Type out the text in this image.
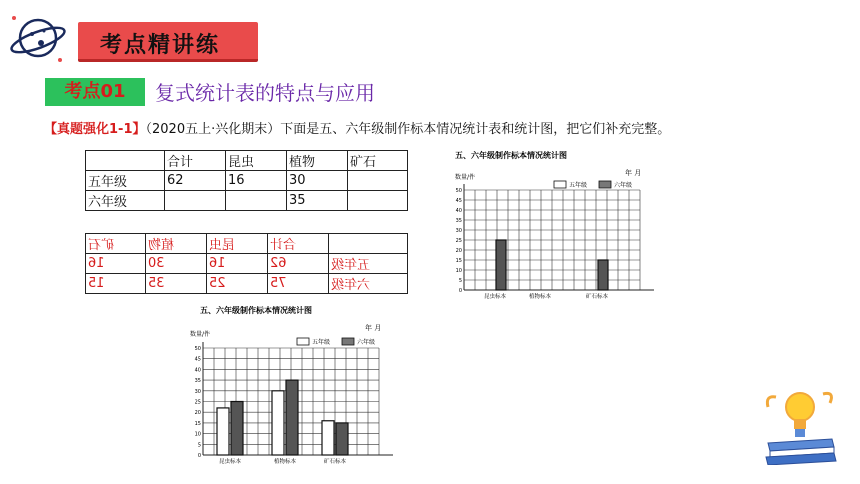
考点精讲练
考点01	复式统计表的特点与应用
【真题强化1-1】（2020五上·兴化期末）下面是五、六年级制作标本情况统计表和统计图，把它们补充完整。
	合计	昆虫	植物	矿石
五年级	62	16	30	
六年级			35	
矿石	植物	昆虫	合计	
16	30	16	62	五年级
15	35	25	75	六年级
五、六年级制作标本情况统计图
年 月
数量/件
五年级	六年级
0
5
10
15
20
25
30
35
40
45
50
昆虫标本	植物标本	矿石标本
五、六年级制作标本情况统计图
年 月
数量/件
五年级	六年级
0
5
10
15
20
25
30
35
40
45
50
昆虫标本	植物标本	矿石标本
